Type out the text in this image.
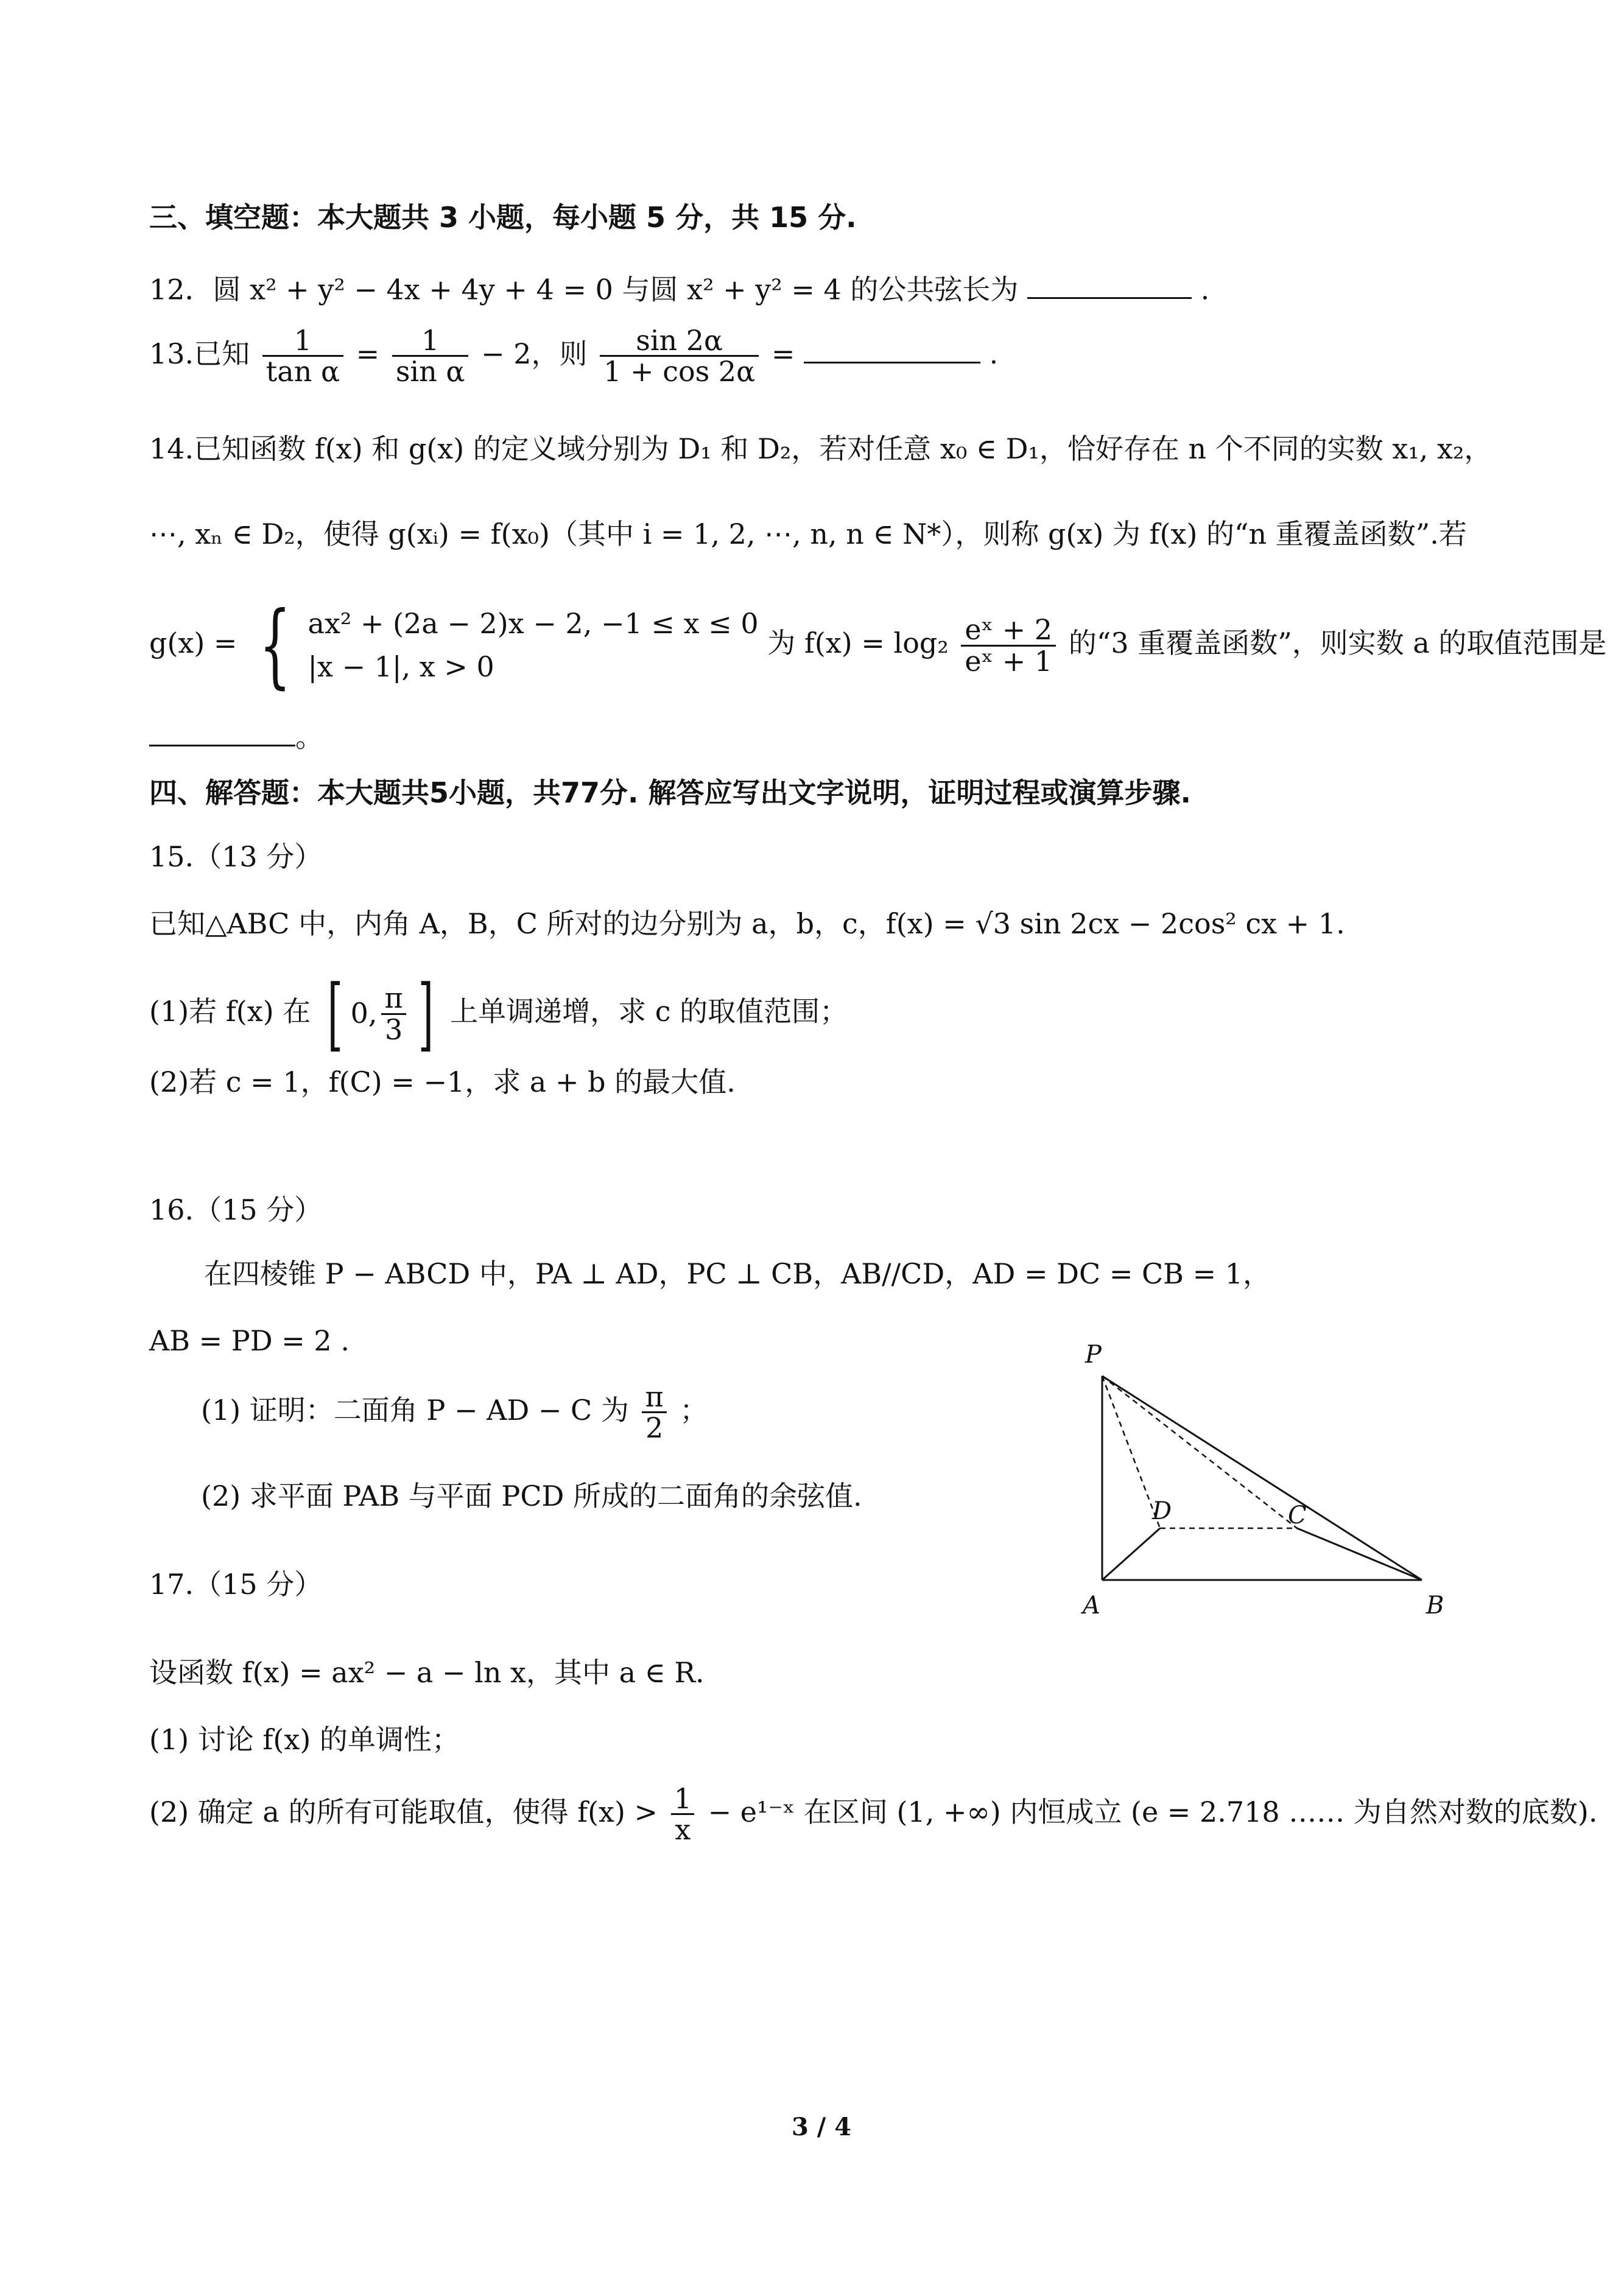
三、填空题：本大题共 3 小题，每小题 5 分，共 15 分.
12．圆 x² + y² − 4x + 4y + 4 = 0 与圆 x² + y² = 4 的公共弦长为	.
13.已知 $\frac{1}{\text{tan α}} = \frac{1}{\text{sin α}} - 2$，则 $\frac{\sin 2\alpha}{1 + \cos 2\alpha}$ =	.
14.已知函数 f(x) 和 g(x) 的定义域分别为 D₁ 和 D₂，若对任意 x₀ ∈ D₁，恰好存在 n 个不同的实数 x₁, x₂，
⋯, xₙ ∈ D₂，使得 g(xᵢ) = f(x₀)（其中 i = 1, 2, ⋯, n, n ∈ N*），则称 g(x) 为 f(x) 的“n 重覆盖函数”.若
g(x) = { ax² + (2a − 2)x − 2, −1 ≤ x ≤ 0
|x − 1|, x > 0
为 $f(x) = \log_2 \frac{\text{eˣ + 2}}{\text{eˣ + 1}}$ 的“3 重覆盖函数”，则实数 a 的取值范围是
。
四、解答题：本大题共5小题，共77分. 解答应写出文字说明，证明过程或演算步骤.
15.（13 分）
已知△ABC 中，内角 A，B，C 所对的边分别为 a，b，c，f(x) = √3 sin 2cx − 2cos² cx + 1.
(1)若 f(x) 在 [ 0, $\frac{\pi}{3}$ ] 上单调递增，求 c 的取值范围；
(2)若 c = 1，f(C) = −1，求 a + b 的最大值.
16.（15 分）
在四棱锥 P − ABCD 中，PA ⊥ AD，PC ⊥ CB，AB//CD，AD = DC = CB = 1，
AB = PD = 2 .
(1) 证明：二面角 P − AD − C 为 $\frac{\pi}{2}$ ；
(2) 求平面 PAB 与平面 PCD 所成的二面角的余弦值.
P
D	C
A	B
17.（15 分）
设函数 f(x) = ax² − a − ln x，其中 a ∈ R.
(1) 讨论 f(x) 的单调性；
(2) 确定 a 的所有可能取值，使得 $f(x) > \frac{1}{x}$ − e¹⁻ˣ 在区间 (1, +∞) 内恒成立 (e = 2.718 …… 为自然对数的底数).
3 / 4
